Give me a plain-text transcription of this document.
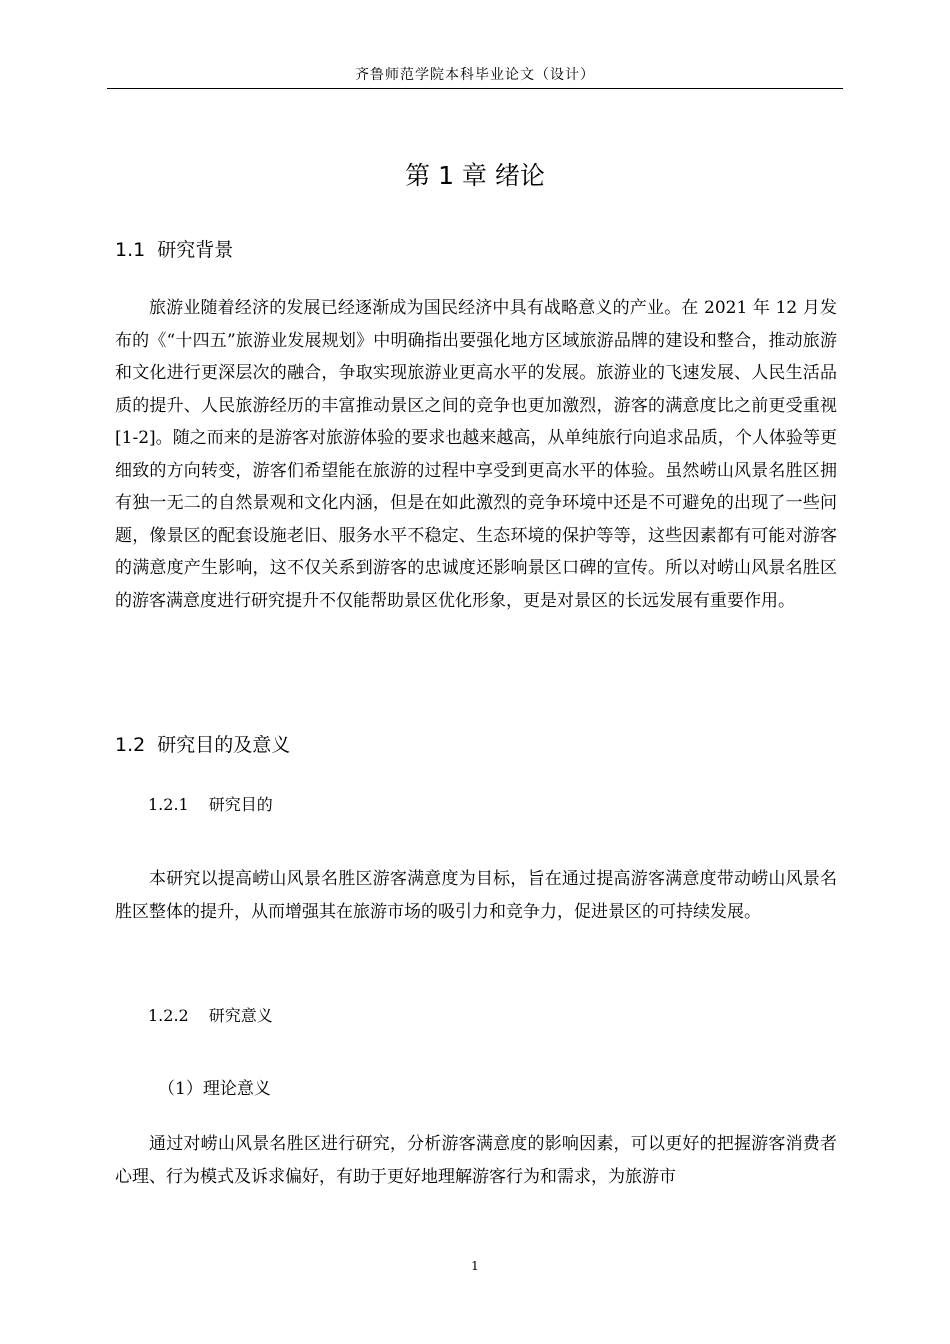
齐鲁师范学院本科毕业论文（设计）
第 1 章 绪论
1.1 研究背景

旅游业随着经济的发展已经逐渐成为国民经济中具有战略意义的产业。在 2021 年 12 月发布的《“十四五”旅游业发展规划》中明确指出要强化地方区域旅游品牌的建设和整合，推动旅游和文化进行更深层次的融合，争取实现旅游业更高水平的发展。旅游业的飞速发展、人民生活品质的提升、人民旅游经历的丰富推动景区之间的竞争也更加激烈，游客的满意度比之前更受重视[1-2]。随之而来的是游客对旅游体验的要求也越来越高，从单纯旅行向追求品质，个人体验等更细致的方向转变，游客们希望能在旅游的过程中享受到更高水平的体验。虽然崂山风景名胜区拥有独一无二的自然景观和文化内涵，但是在如此激烈的竞争环境中还是不可避免的出现了一些问题，像景区的配套设施老旧、服务水平不稳定、生态环境的保护等等，这些因素都有可能对游客的满意度产生影响，这不仅关系到游客的忠诚度还影响景区口碑的宣传。所以对崂山风景名胜区的游客满意度进行研究提升不仅能帮助景区优化形象，更是对景区的长远发展有重要作用。

1.2 研究目的及意义
1.2.1 研究目的

本研究以提高崂山风景名胜区游客满意度为目标，旨在通过提高游客满意度带动崂山风景名胜区整体的提升，从而增强其在旅游市场的吸引力和竞争力，促进景区的可持续发展。

1.2.2 研究意义
（1）理论意义

通过对崂山风景名胜区进行研究，分析游客满意度的影响因素，可以更好的把握游客消费者心理、行为模式及诉求偏好，有助于更好地理解游客行为和需求，为旅游市

1
